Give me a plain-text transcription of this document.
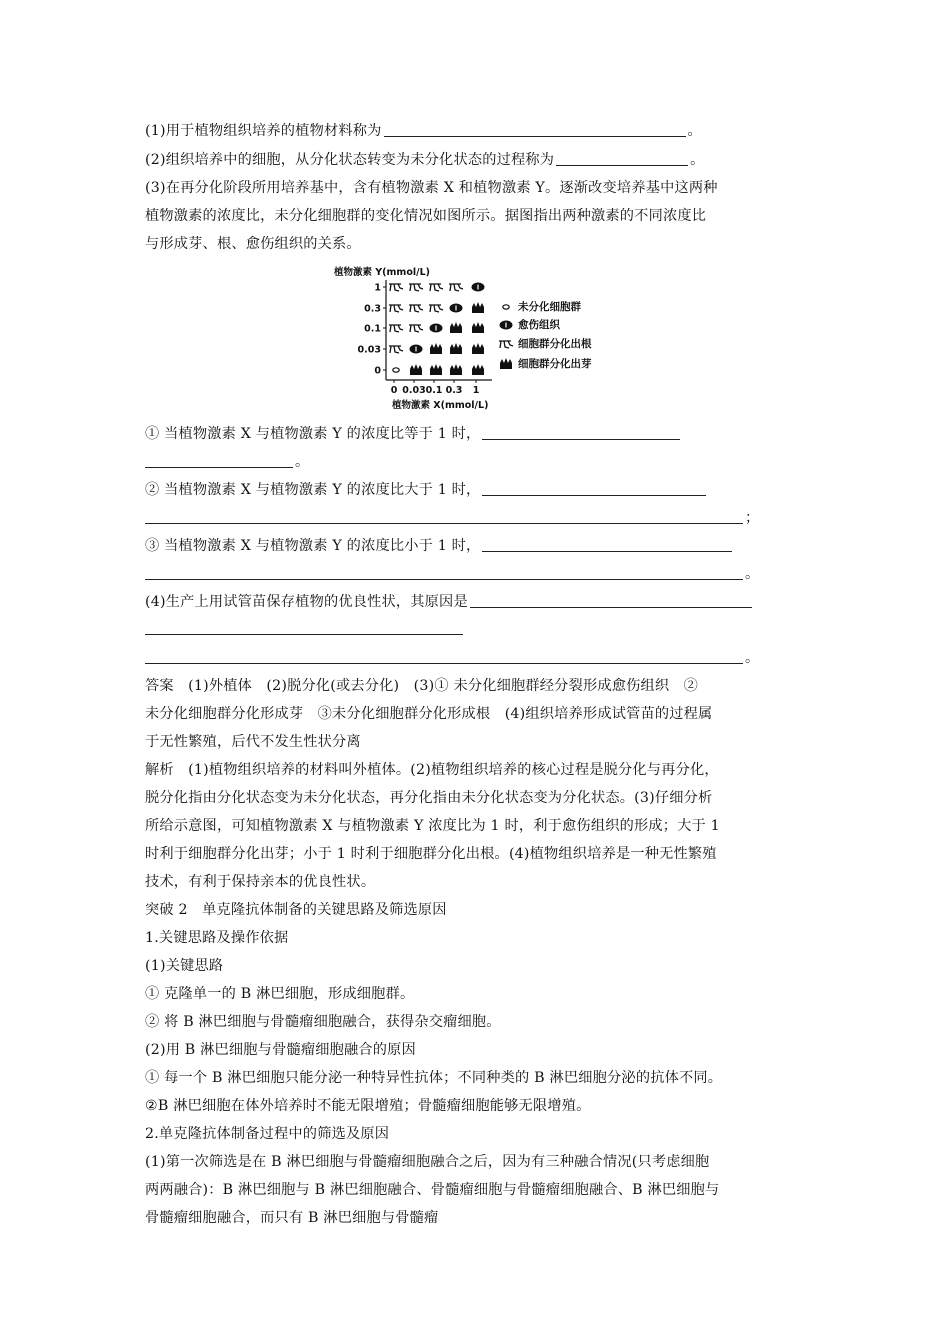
(1)用于植物组织培养的植物材料称为	。
(2)组织培养中的细胞，从分化状态转变为未分化状态的过程称为	。
(3)在再分化阶段所用培养基中，含有植物激素 X 和植物激素 Y。逐渐改变培养基中这两种
植物激素的浓度比，未分化细胞群的变化情况如图所示。据图指出两种激素的不同浓度比
与形成芽、根、愈伤组织的关系。
植物激素 Y(mmol/L)
1
0.3
0.1
0.03
0
0 0.03 0.1 0.3 1
植物激素 X(mmol/L)
未分化细胞群
愈伤组织
细胞群分化出根
细胞群分化出芽
① 当植物激素 X 与植物激素 Y 的浓度比等于 1 时，
。
② 当植物激素 X 与植物激素 Y 的浓度比大于 1 时，
；
③ 当植物激素 X 与植物激素 Y 的浓度比小于 1 时，
。
(4)生产上用试管苗保存植物的优良性状，其原因是
。
答案　(1)外植体　(2)脱分化(或去分化)　(3)① 未分化细胞群经分裂形成愈伤组织　②
未分化细胞群分化形成芽　③未分化细胞群分化形成根　(4)组织培养形成试管苗的过程属
于无性繁殖，后代不发生性状分离
解析　(1)植物组织培养的材料叫外植体。(2)植物组织培养的核心过程是脱分化与再分化，
脱分化指由分化状态变为未分化状态，再分化指由未分化状态变为分化状态。(3)仔细分析
所给示意图，可知植物激素 X 与植物激素 Y 浓度比为 1 时，利于愈伤组织的形成；大于 1
时利于细胞群分化出芽；小于 1 时利于细胞群分化出根。(4)植物组织培养是一种无性繁殖
技术，有利于保持亲本的优良性状。
突破 2　单克隆抗体制备的关键思路及筛选原因
1.关键思路及操作依据
(1)关键思路
① 克隆单一的 B 淋巴细胞，形成细胞群。
② 将 B 淋巴细胞与骨髓瘤细胞融合，获得杂交瘤细胞。
(2)用 B 淋巴细胞与骨髓瘤细胞融合的原因
① 每一个 B 淋巴细胞只能分泌一种特异性抗体；不同种类的 B 淋巴细胞分泌的抗体不同。
②B 淋巴细胞在体外培养时不能无限增殖；骨髓瘤细胞能够无限增殖。
2.单克隆抗体制备过程中的筛选及原因
(1)第一次筛选是在 B 淋巴细胞与骨髓瘤细胞融合之后，因为有三种融合情况(只考虑细胞
两两融合)：B 淋巴细胞与 B 淋巴细胞融合、骨髓瘤细胞与骨髓瘤细胞融合、B 淋巴细胞与
骨髓瘤细胞融合，而只有 B 淋巴细胞与骨髓瘤
